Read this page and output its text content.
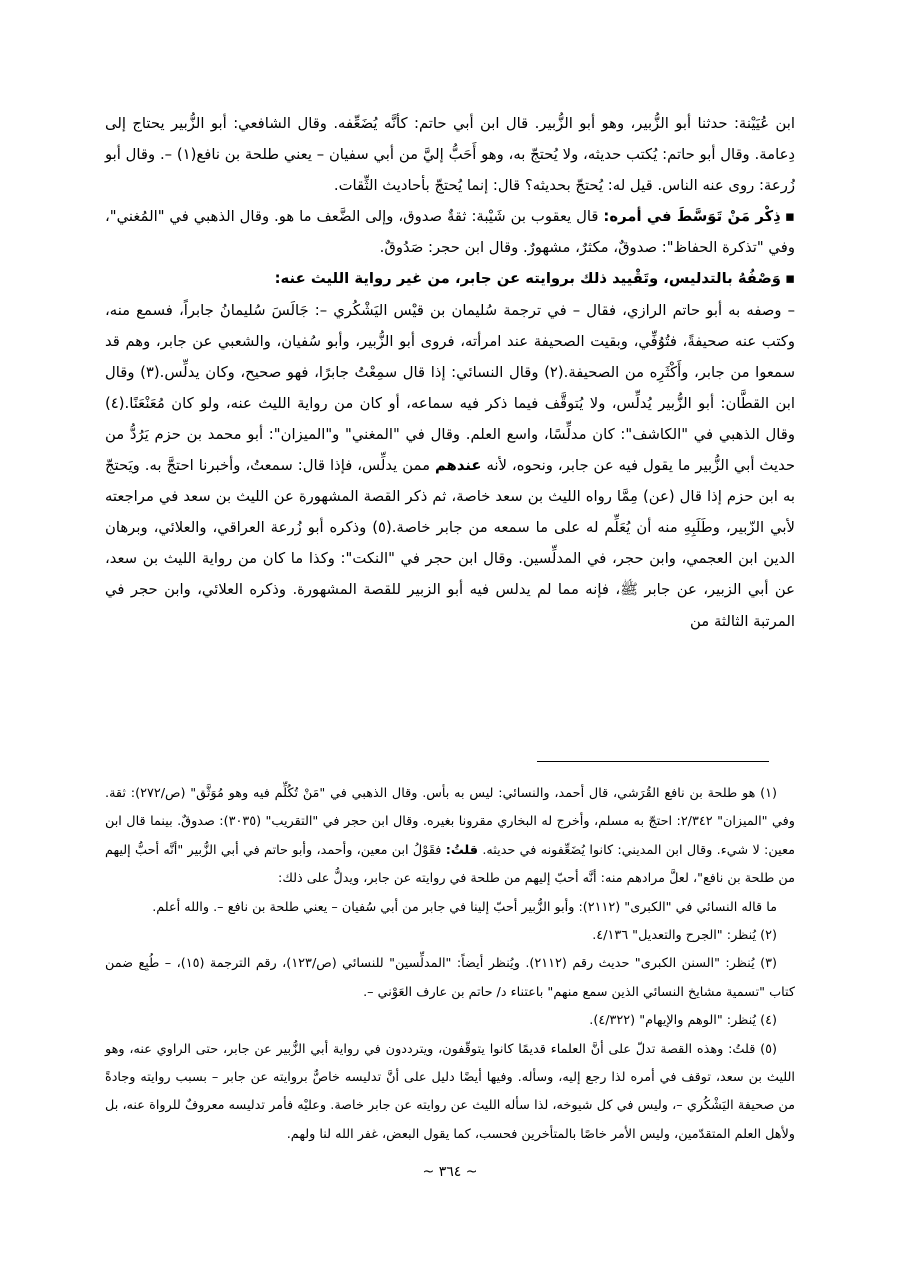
ابن عُيَيْنة: حدثنا أبو الزُّبير، وهو أبو الزُّبير. قال ابن أبي حاتم: كأنَّه يُضَعِّفه. وقال الشافعي: أبو الزُّبير يحتاج إلى دِعامة. وقال أبو حاتم: يُكتب حديثه، ولا يُحتجّ به، وهو أَحَبُّ إليَّ من أبي سفيان – يعني طلحة بن نافع(١) –. وقال أبو زُرعة: روى عنه الناس. قيل له: يُحتجّ بحديثه؟ قال: إنما يُحتجّ بأحاديث الثِّقات.

▪ذِكْر مَنْ تَوَسَّطَ في أمره: قال يعقوب بن شَيْبة: ثقةٌ صدوق، وإلى الضَّعف ما هو. وقال الذهبي في "المُغني"، وفي "تذكرة الحفاظ": صدوقٌ، مكثرٌ، مشهورٌ. وقال ابن حجر: صَدُوقٌ.

▪وَصْفُهُ بالتدليس، وتَقْييد ذلك بروايته عن جابر، من غير رواية الليث عنه:

– وصفه به أبو حاتم الرازي، فقال – في ترجمة سُليمان بن قيْس اليَشْكُري –: جَالَسَ سُليمانُ جابراً، فسمع منه، وكتب عنه صحيفةً، فتُوُفِّي، وبقيت الصحيفة عند امرأته، فروى أبو الزُّبير، وأبو سُفيان، والشعبي عن جابر، وهم قد سمعوا من جابر، وأَكْثَرِه من الصحيفة.(٢) وقال النسائي: إذا قال سمِعْتُ جابرًا، فهو صحيح، وكان يدلِّس.(٣) وقال ابن القطَّان: أبو الزُّبير يُدلِّس، ولا يُتوقَّف فيما ذكر فيه سماعه، أو كان من رواية الليث عنه، ولو كان مُعَنْعَنًا.(٤) وقال الذهبي في "الكاشف": كان مدلِّسًا، واسع العلم. وقال في "المغني" و"الميزان": أبو محمد بن حزم يَرُدُّ من حديث أبي الزُّبير ما يقول فيه عن جابر، ونحوه، لأنه عندهم ممن يدلِّس، فإذا قال: سمعتُ، وأخبرنا احتجَّ به. ويَحتجّ به ابن حزم إذا قال (عن) مِمَّا رواه الليث بن سعد خاصة، ثم ذكر القصة المشهورة عن الليث بن سعد في مراجعته لأبي الزّبير، وطَلَبِهِ منه أن يُعَلِّم له على ما سمعه من جابر خاصة.(٥) وذكره أبو زُرعة العراقي، والعلائي، وبرهان الدين ابن العجمي، وابن حجر، في المدلِّسين. وقال ابن حجر في "النكت": وكذا ما كان من رواية الليث بن سعد، عن أبي الزبير، عن جابر ﷺ، فإنه مما لم يدلس فيه أبو الزبير للقصة المشهورة. وذكره العلائي، وابن حجر في المرتبة الثالثة من

(١) هو طلحة بن نافع القُرَشي، قال أحمد، والنسائي: ليس به بأس. وقال الذهبي في "مَنْ تُكُلِّم فيه وهو مُوَثَّق" (ص/٢٧٢): ثقة. وفي "الميزان" ٢/٣٤٢: احتجّ به مسلم، وأخرج له البخاري مقرونا بغيره. وقال ابن حجر في "التقريب" (٣٠٣٥): صدوقٌ. بينما قال ابن معين: لا شيء. وقال ابن المديني: كانوا يُضَعِّفونه في حديثه. قلتُ: فقَوْلُ ابن معين، وأحمد، وأبو حاتم في أبي الزُّبير "أنَّه أحبُّ إليهم من طلحة بن نافع"، لعلَّ مرادهم منه: أنَّه أحبّ إليهم من طلحة في روايته عن جابر، ويدلُّ على ذلك:

ما قاله النسائي في "الكبرى" (٢١١٢): وأبو الزُّبير أحبّ إلينا في جابر من أبي سُفيان – يعني طلحة بن نافع –. والله أعلم.

(٢) يُنظر: "الجرح والتعديل" ٤/١٣٦.

(٣) يُنظر: "السنن الكبرى" حديث رقم (٢١١٢). ويُنظر أيضاً: "المدلِّسين" للنسائي (ص/١٢٣)، رقم الترجمة (١٥)، – طُبِع ضمن كتاب "تسمية مشايخ النسائي الذين سمع منهم" باعتناء د/ حاتم بن عارف العَوْني –.

(٤) يُنظر: "الوهم والإيهام" (٤/٣٢٢).

(٥) قلتُ: وهذه القصة تدلّ على أنَّ العلماء قديمًا كانوا يتوقّفون، ويترددون في رواية أبي الزُّبير عن جابر، حتى الراوي عنه، وهو الليث بن سعد، توقف في أمره لذا رجع إليه، وسأله. وفيها أيضًا دليل على أنَّ تدليسه خاصٌّ بروايته عن جابر – بسبب روايته وجادةً من صحيفة اليَشْكُري –، وليس في كل شيوخه، لذا سأله الليث عن روايته عن جابر خاصة. وعليْه فأمر تدليسه معروفٌ للرواة عنه، بل ولأهل العلم المتقدّمين، وليس الأمر خاصًا بالمتأخرين فحسب، كما يقول البعض، غفر الله لنا ولهم.

~ ٣٦٤ ~
